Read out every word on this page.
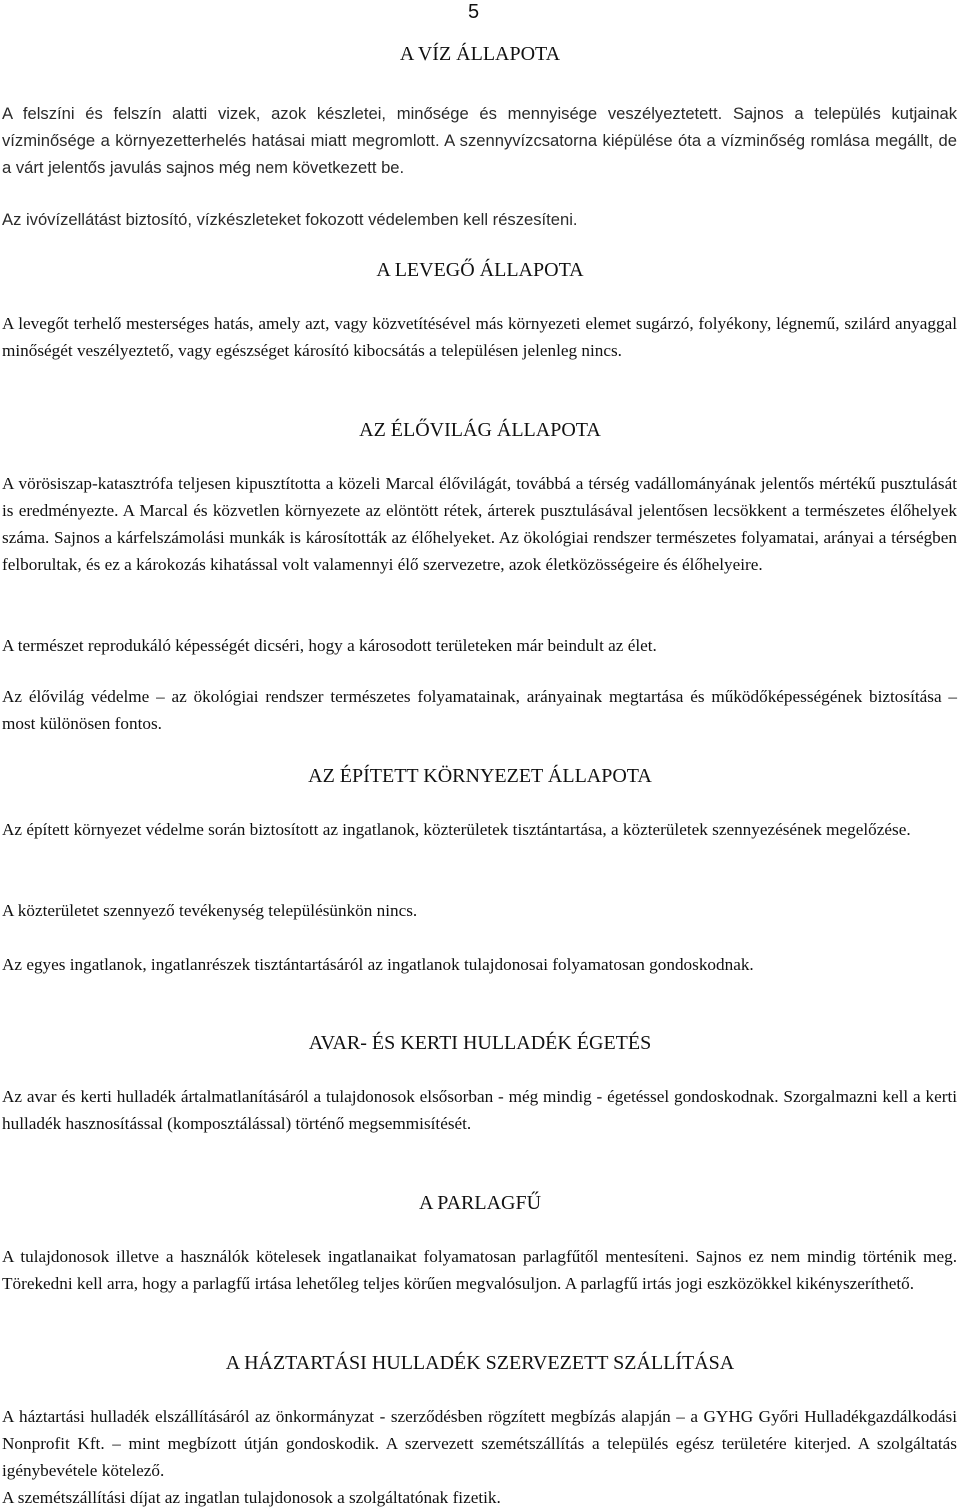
5
A VÍZ ÁLLAPOTA

A felszíni és felszín alatti vizek, azok készletei, minősége és mennyisége veszélyeztetett. Sajnos a település kutjainak vízminősége a környezetterhelés hatásai miatt megromlott. A szennyvízcsatorna kiépülése óta a vízminőség romlása megállt, de a várt jelentős javulás sajnos még nem következett be.

Az ivóvízellátást biztosító, vízkészleteket fokozott védelemben kell részesíteni.

A LEVEGŐ ÁLLAPOTA

A levegőt terhelő mesterséges hatás, amely azt, vagy közvetítésével más környezeti elemet sugárzó, folyékony, légnemű, szilárd anyaggal minőségét veszélyeztető, vagy egészséget károsító kibocsátás a településen jelenleg nincs.

AZ ÉLŐVILÁG ÁLLAPOTA

A vörösiszap-katasztrófa teljesen kipusztította a közeli Marcal élővilágát, továbbá a térség vadállományának jelentős mértékű pusztulását is eredményezte. A Marcal és közvetlen környezete az elöntött rétek, árterek pusztulásával jelentősen lecsökkent a természetes élőhelyek száma. Sajnos a kárfelszámolási munkák is károsították az élőhelyeket. Az ökológiai rendszer természetes folyamatai, arányai a térségben felborultak, és ez a károkozás kihatással volt valamennyi élő szervezetre, azok életközösségeire és élőhelyeire.

A természet reprodukáló képességét dicséri, hogy a károsodott területeken már beindult az élet.

Az élővilág védelme – az ökológiai rendszer természetes folyamatainak, arányainak megtartása és működőképességének biztosítása – most különösen fontos.

AZ ÉPÍTETT KÖRNYEZET ÁLLAPOTA

Az épített környezet védelme során biztosított az ingatlanok, közterületek tisztántartása, a közterületek szennyezésének megelőzése.

A közterületet szennyező tevékenység településünkön nincs.

Az egyes ingatlanok, ingatlanrészek tisztántartásáról az ingatlanok tulajdonosai folyamatosan gondoskodnak.

AVAR- ÉS KERTI HULLADÉK ÉGETÉS

Az avar és kerti hulladék ártalmatlanításáról a tulajdonosok elsősorban - még mindig - égetéssel gondoskodnak. Szorgalmazni kell a kerti hulladék hasznosítással (komposztálással) történő megsemmisítését.

A PARLAGFŰ

A tulajdonosok illetve a használók kötelesek ingatlanaikat folyamatosan parlagfűtől mentesíteni. Sajnos ez nem mindig történik meg. Törekedni kell arra, hogy a parlagfű irtása lehetőleg teljes körűen megvalósuljon. A parlagfű irtás jogi eszközökkel kikényszeríthető.

A HÁZTARTÁSI HULLADÉK SZERVEZETT SZÁLLÍTÁSA

A háztartási hulladék elszállításáról az önkormányzat - szerződésben rögzített megbízás alapján – a GYHG Győri Hulladékgazdálkodási Nonprofit Kft. – mint megbízott útján gondoskodik. A szervezett szemétszállítás a település egész területére kiterjed. A szolgáltatás igénybevétele kötelező.

A szemétszállítási díjat az ingatlan tulajdonosok a szolgáltatónak fizetik.
